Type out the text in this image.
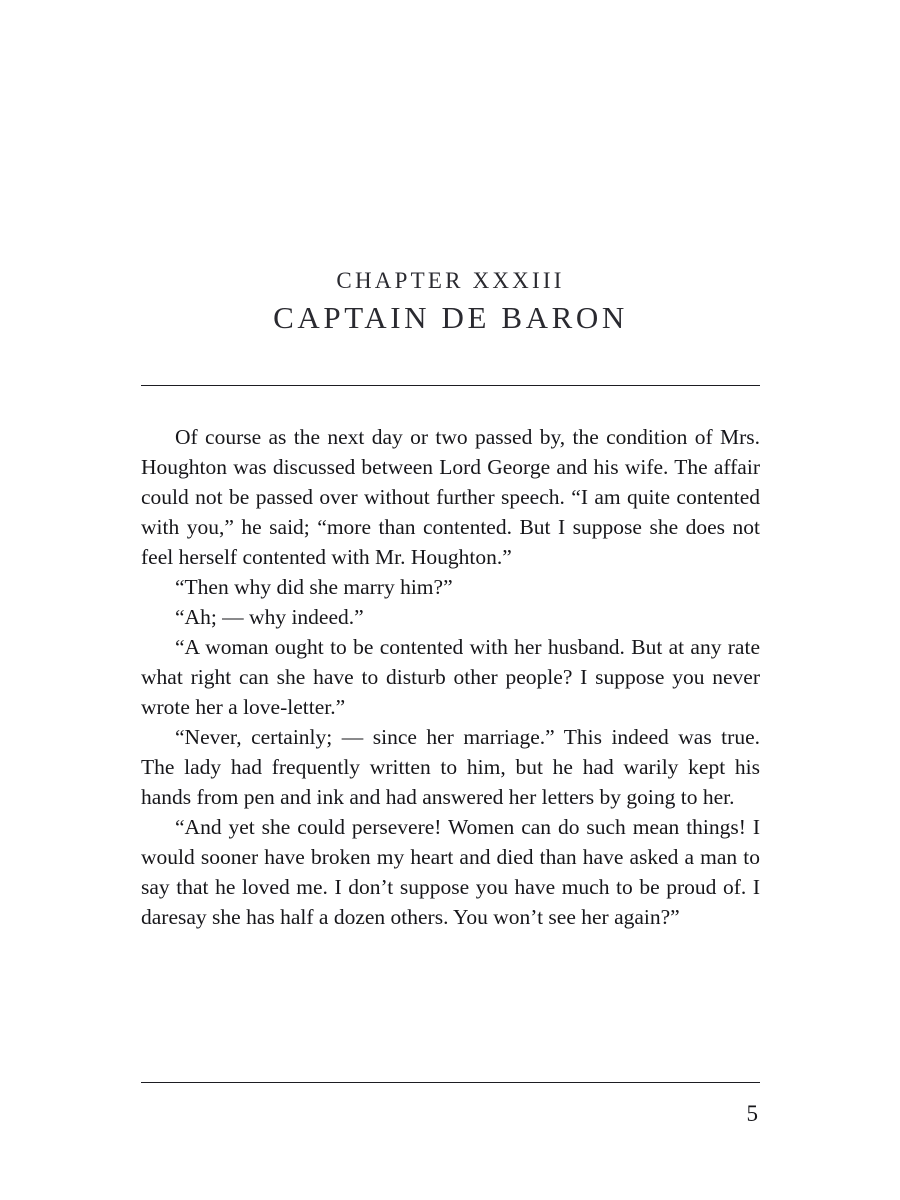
CHAPTER XXXIII
CAPTAIN DE BARON

Of course as the next day or two passed by, the condition of Mrs. Houghton was discussed between Lord George and his wife. The affair could not be passed over without further speech. “I am quite contented with you,” he said; “more than contented. But I suppose she does not feel herself contented with Mr. Houghton.”

“Then why did she marry him?”

“Ah; — why indeed.”

“A woman ought to be contented with her husband. But at any rate what right can she have to disturb other people? I suppose you never wrote her a love-letter.”

“Never, certainly; — since her marriage.” This indeed was true. The lady had frequently written to him, but he had warily kept his hands from pen and ink and had answered her letters by going to her.

“And yet she could persevere! Women can do such mean things! I would sooner have broken my heart and died than have asked a man to say that he loved me. I don’t suppose you have much to be proud of. I daresay she has half a dozen others. You won’t see her again?”

5
